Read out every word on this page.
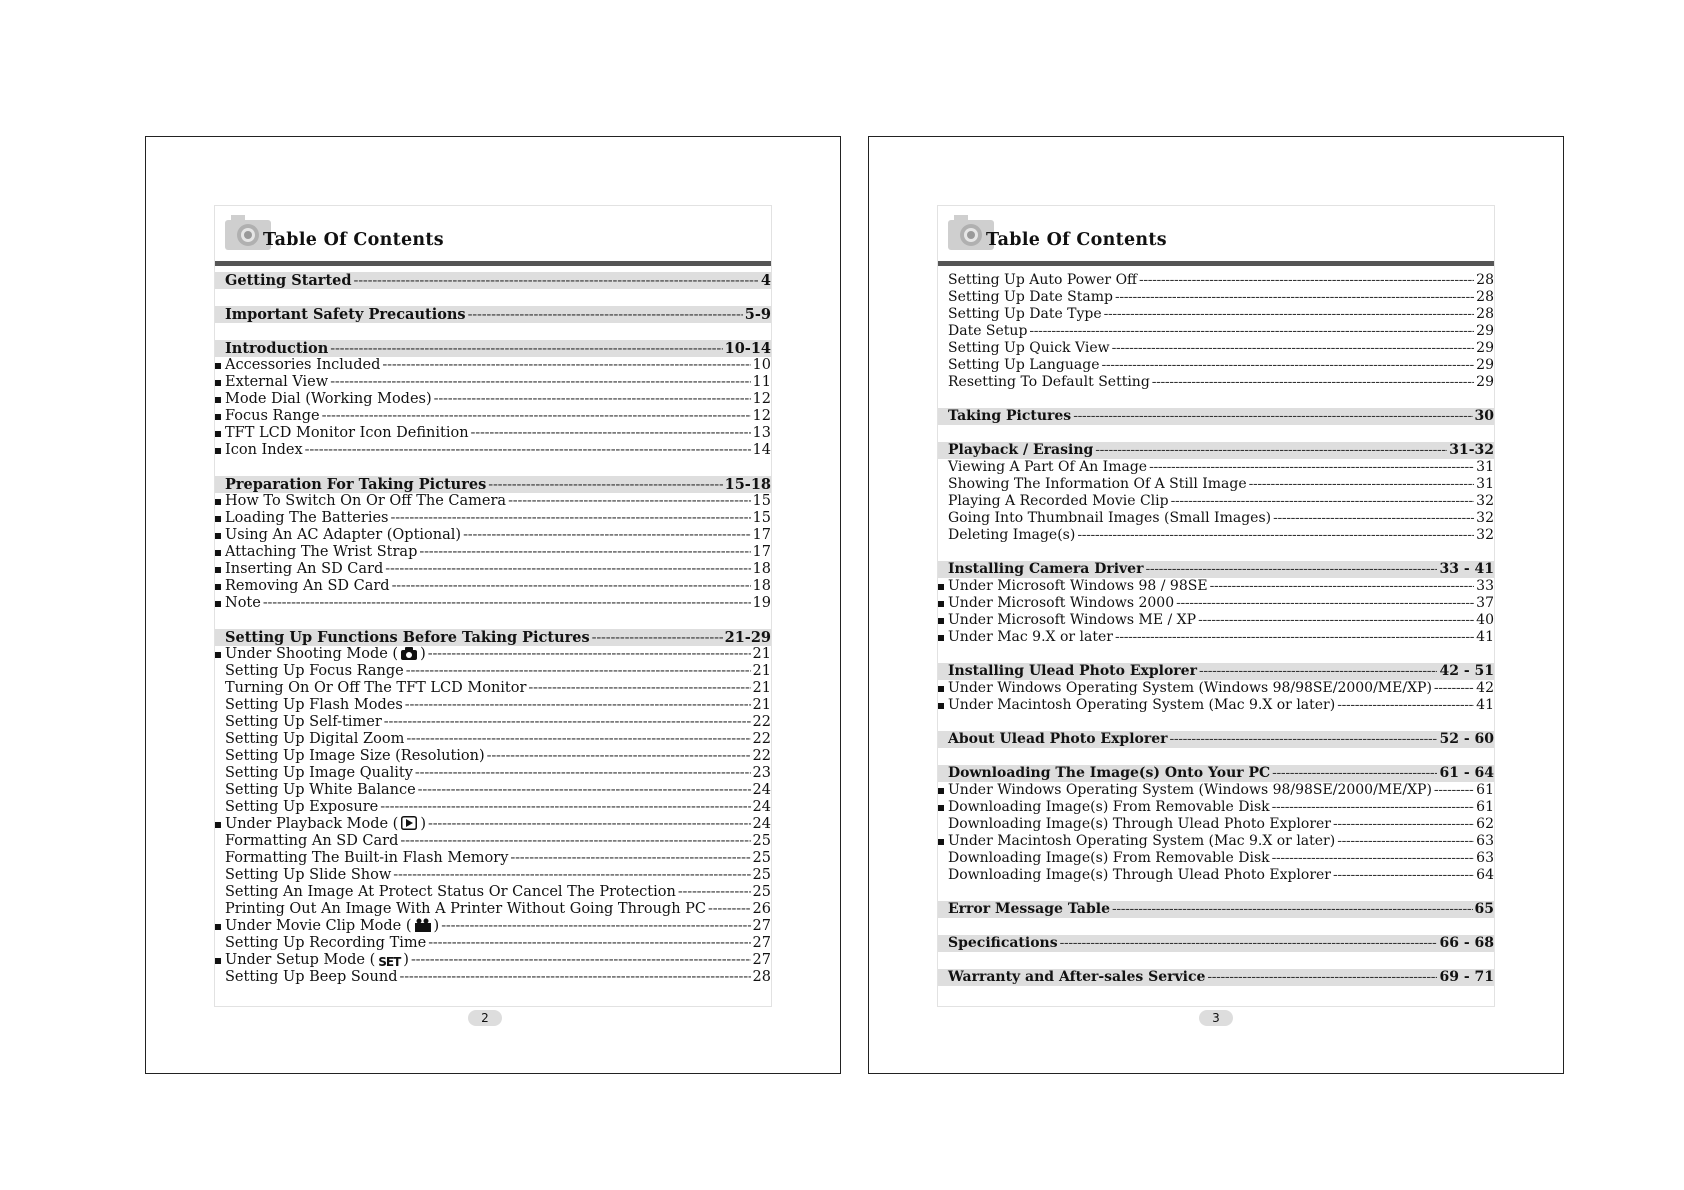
Table Of Contents
Getting Started - - -	4
Important Safety Precautions - - -	5-9
Introduction - - -	10-14
Accessories Included - - -	10
External View - - -	11
Mode Dial (Working Modes) - - -	12
Focus Range - - -	12
TFT LCD Monitor Icon Definition - - -	13
Icon Index - - -	14
Preparation For Taking Pictures - - -	15-18
How To Switch On Or Off The Camera - - -	15
Loading The Batteries - - -	15
Using An AC Adapter (Optional) - - -	17
Attaching The Wrist Strap - - -	17
Inserting An SD Card - - -	18
Removing An SD Card - - -	18
Note - - -	19
Setting Up Functions Before Taking Pictures - - -	21-29
Under Shooting Mode ( ) - - -	21
Setting Up Focus Range - - -	21
Turning On Or Off The TFT LCD Monitor - - -	21
Setting Up Flash Modes - - -	21
Setting Up Self-timer - - -	22
Setting Up Digital Zoom - - -	22
Setting Up Image Size (Resolution) - - -	22
Setting Up Image Quality - - -	23
Setting Up White Balance - - -	24
Setting Up Exposure - - -	24
Under Playback Mode ( ) - - -	24
Formatting An SD Card - - -	25
Formatting The Built-in Flash Memory - - -	25
Setting Up Slide Show - - -	25
Setting An Image At Protect Status Or Cancel The Protection - - -	25
Printing Out An Image With A Printer Without Going Through PC - - -	26
Under Movie Clip Mode ( ) - - -	27
Setting Up Recording Time - - -	27
Under Setup Mode ( SET ) - - -	27
Setting Up Beep Sound - - -	28
2
Table Of Contents
Setting Up Auto Power Off - - -	28
Setting Up Date Stamp - - -	28
Setting Up Date Type - - -	28
Date Setup - - -	29
Setting Up Quick View - - -	29
Setting Up Language - - -	29
Resetting To Default Setting - - -	29
Taking Pictures - - -	30
Playback / Erasing - - -	31-32
Viewing A Part Of An Image - - -	31
Showing The Information Of A Still Image - - -	31
Playing A Recorded Movie Clip - - -	32
Going Into Thumbnail Images (Small Images) - - -	32
Deleting Image(s) - - -	32
Installing Camera Driver - - -	33 - 41
Under Microsoft Windows 98 / 98SE - - -	33
Under Microsoft Windows 2000 - - -	37
Under Microsoft Windows ME / XP - - -	40
Under Mac 9.X or later - - -	41
Installing Ulead Photo Explorer - - -	42 - 51
Under Windows Operating System (Windows 98/98SE/2000/ME/XP) - - -	42
Under Macintosh Operating System (Mac 9.X or later) - - -	41
About Ulead Photo Explorer - - -	52 - 60
Downloading The Image(s) Onto Your PC - - -	61 - 64
Under Windows Operating System (Windows 98/98SE/2000/ME/XP) - - -	61
Downloading Image(s) From Removable Disk - - -	61
Downloading Image(s) Through Ulead Photo Explorer - - -	62
Under Macintosh Operating System (Mac 9.X or later) - - -	63
Downloading Image(s) From Removable Disk - - -	63
Downloading Image(s) Through Ulead Photo Explorer - - -	64
Error Message Table - - -	65
Specifications - - -	66 - 68
Warranty and After-sales Service - - -	69 - 71
3
